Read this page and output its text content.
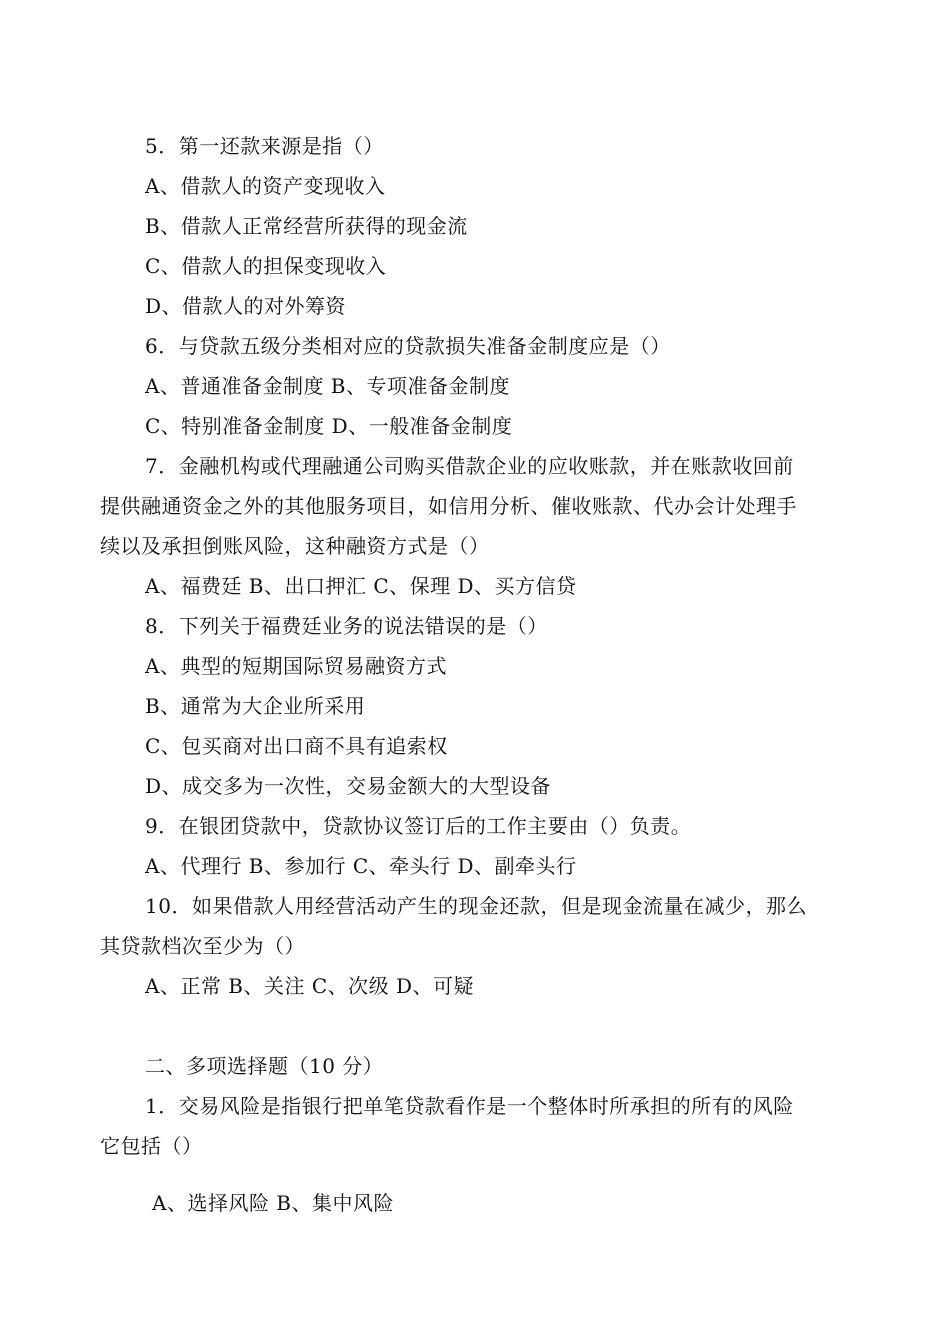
5．第一还款来源是指（）
A、借款人的资产变现收入
B、借款人正常经营所获得的现金流
C、借款人的担保变现收入
D、借款人的对外筹资
6．与贷款五级分类相对应的贷款损失准备金制度应是（）
A、普通准备金制度 B、专项准备金制度
C、特别准备金制度 D、一般准备金制度
7．金融机构或代理融通公司购买借款企业的应收账款，并在账款收回前
提供融通资金之外的其他服务项目，如信用分析、催收账款、代办会计处理手
续以及承担倒账风险，这种融资方式是（）
A、福费廷 B、出口押汇 C、保理 D、买方信贷
8．下列关于福费廷业务的说法错误的是（）
A、典型的短期国际贸易融资方式
B、通常为大企业所采用
C、包买商对出口商不具有追索权
D、成交多为一次性，交易金额大的大型设备
9．在银团贷款中，贷款协议签订后的工作主要由（）负责。
A、代理行 B、参加行 C、牵头行 D、副牵头行
10．如果借款人用经营活动产生的现金还款，但是现金流量在减少，那么
其贷款档次至少为（）
A、正常 B、关注 C、次级 D、可疑
二、多项选择题（10 分）
1．交易风险是指银行把单笔贷款看作是一个整体时所承担的所有的风险
它包括（）
A、选择风险 B、集中风险
